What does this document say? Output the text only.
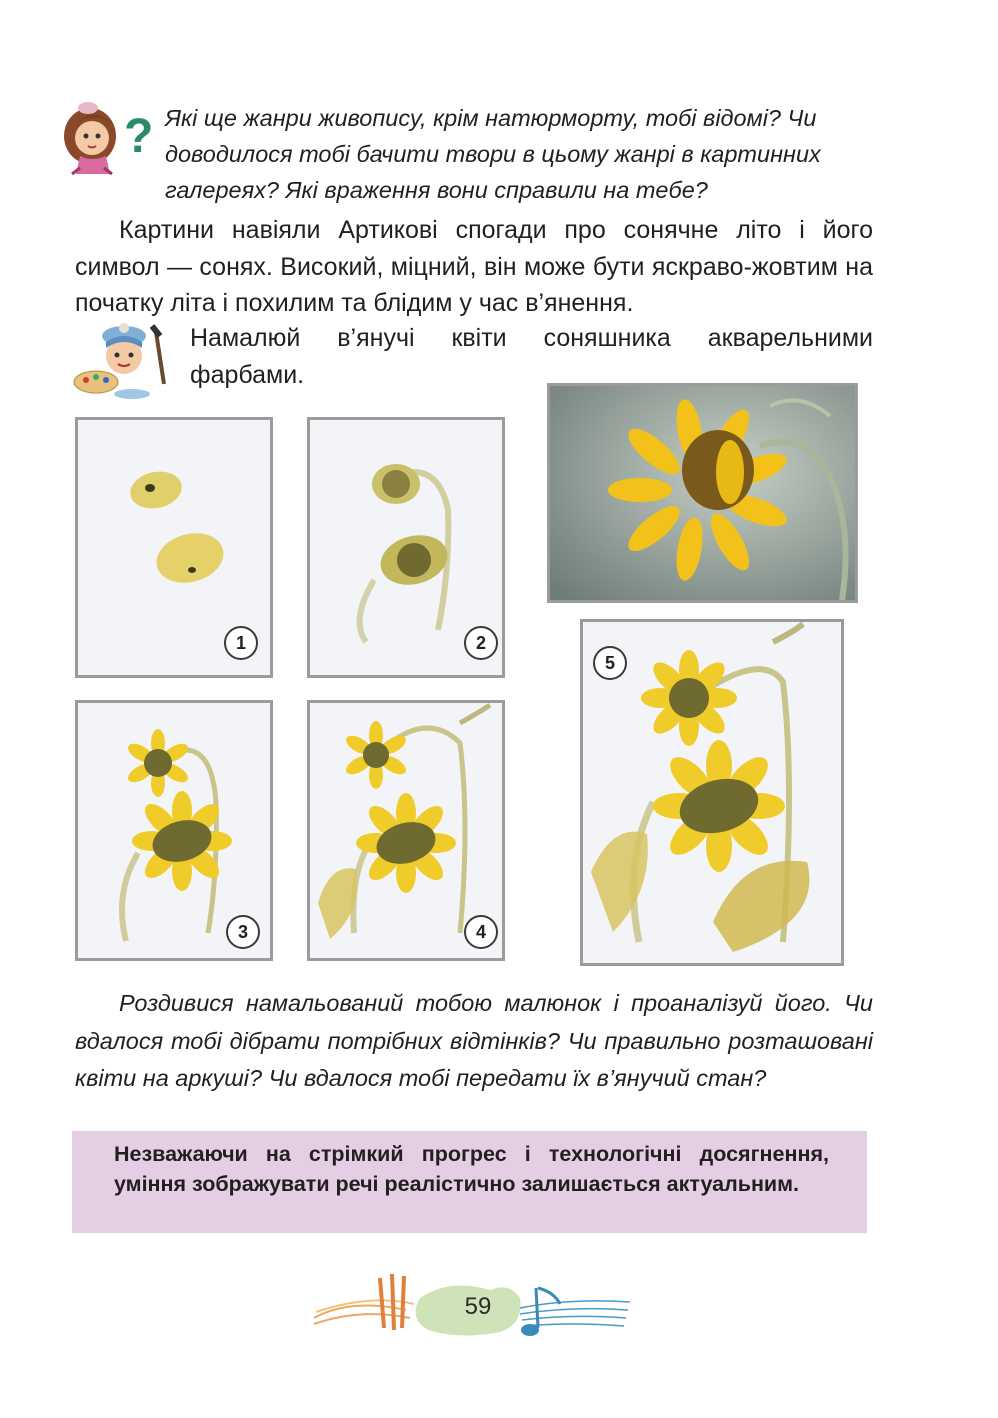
? Які ще жанри живопису, крім натюрморту, тобі відомі? Чи доводилося тобі бачити твори в цьому жанрі в картинних галереях? Які враження вони справили на тебе?
Картини навіяли Артикові спогади про сонячне літо і його символ — сонях. Високий, міцний, він може бути яскраво-жовтим на початку літа і похилим та блідим у час в’янення.
Намалюй в’янучі квіти соняшника акварельними фарбами.
1	2
3	4
5
Роздивися намальований тобою малюнок і проаналізуй його. Чи вдалося тобі дібрати потрібних відтінків? Чи правильно розташовані квіти на аркуші? Чи вдалося тобі передати їх в’янучий стан?
Незважаючи на стрімкий прогрес і технологічні досягнення, уміння зображувати речі реалістично залишається актуальним.
59
